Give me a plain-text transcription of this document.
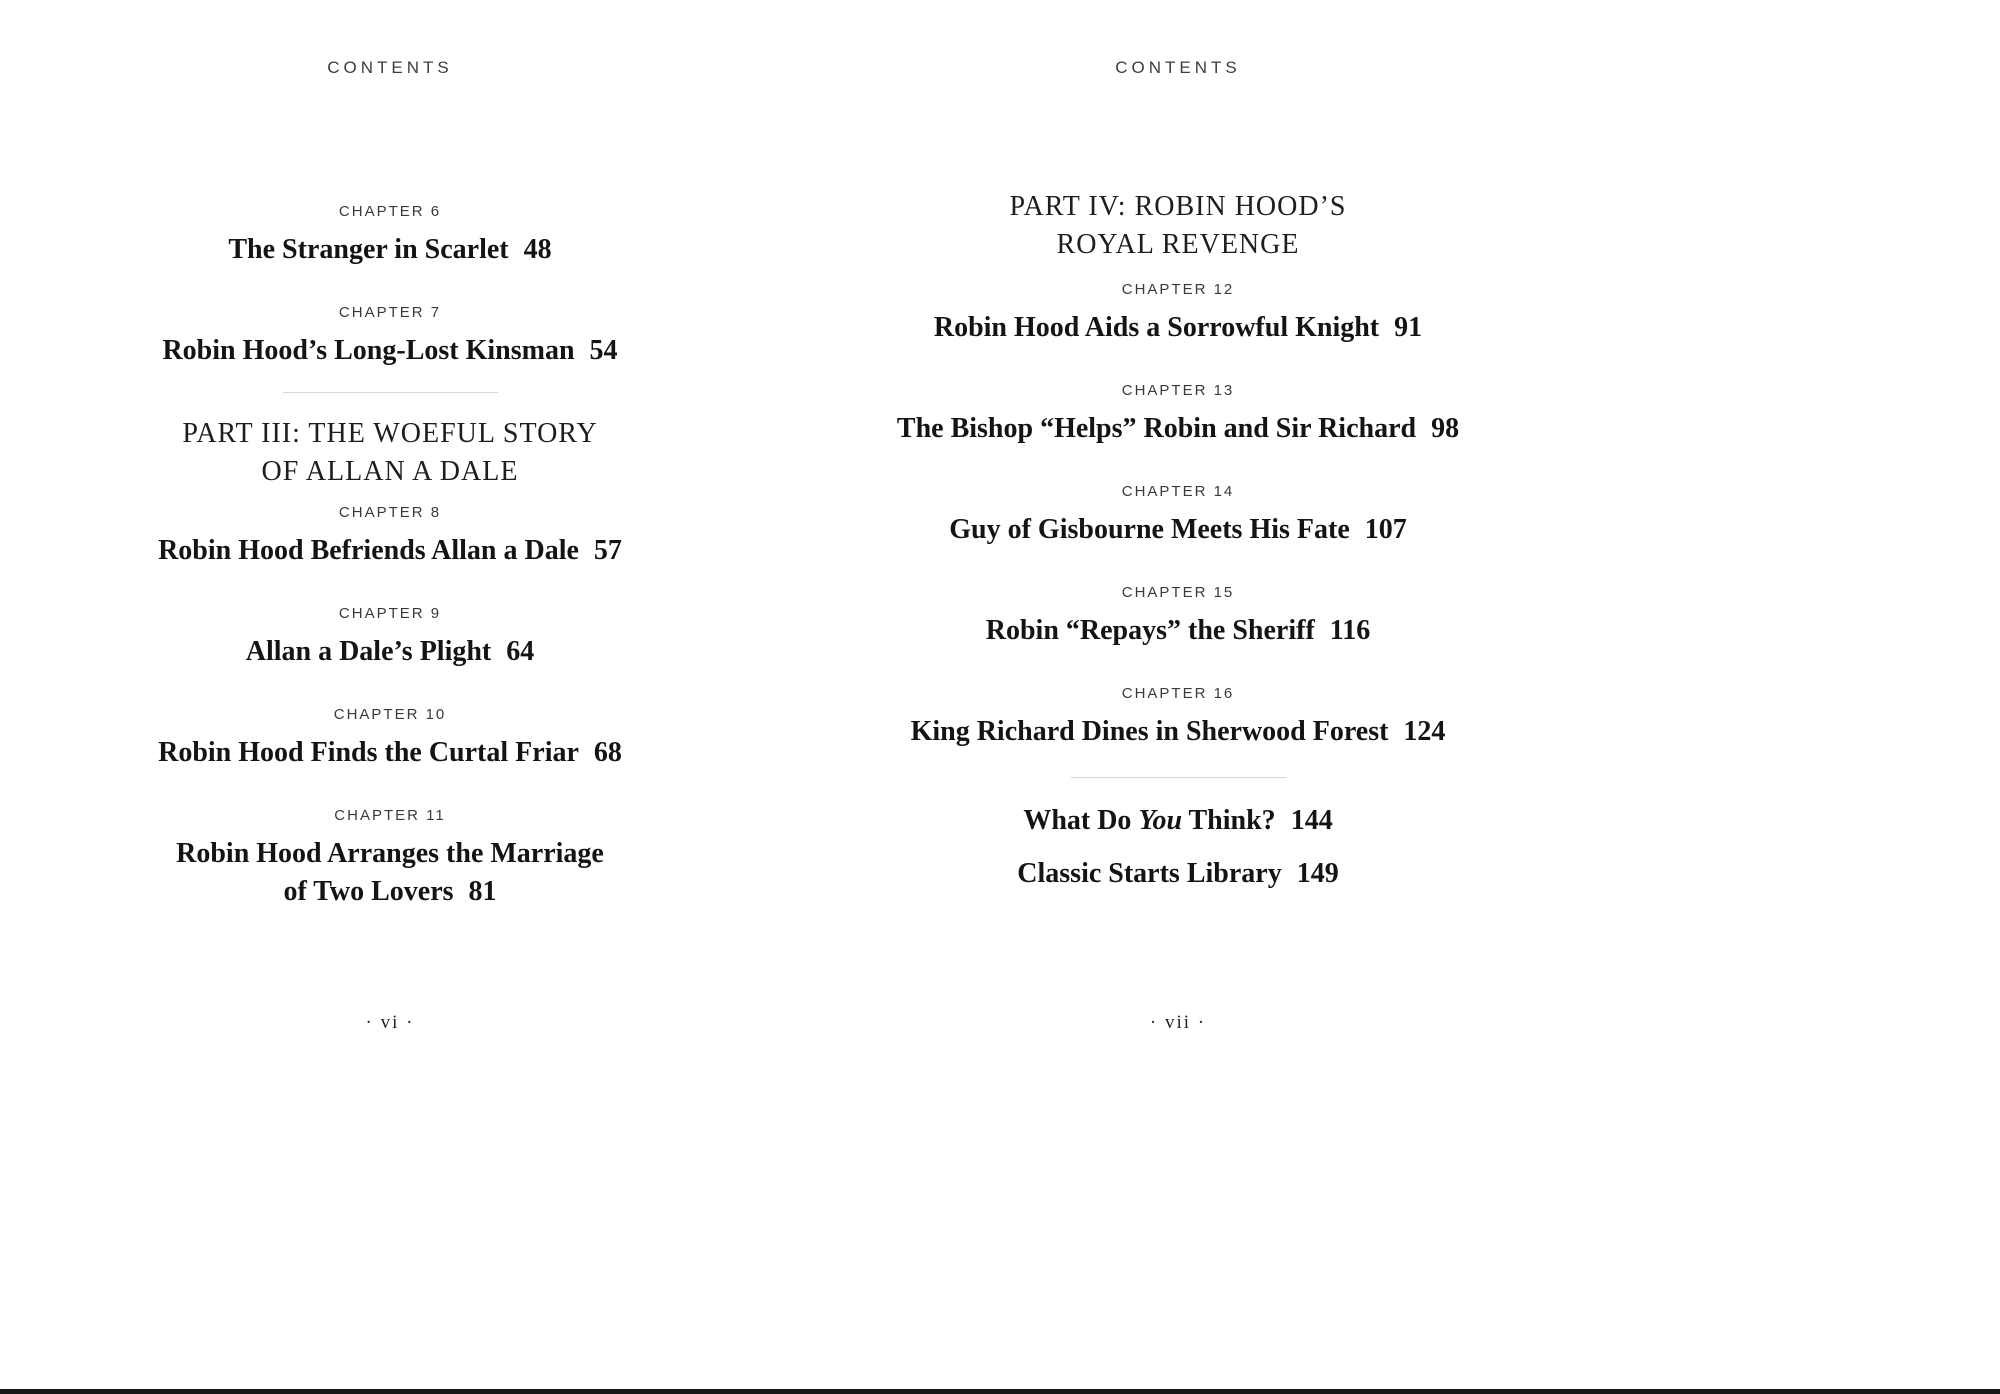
CONTENTS
CHAPTER 6
The Stranger in Scarlet 48
CHAPTER 7
Robin Hood’s Long-Lost Kinsman 54
PART III: THE WOEFUL STORY
OF ALLAN A DALE
CHAPTER 8
Robin Hood Befriends Allan a Dale 57
CHAPTER 9
Allan a Dale’s Plight 64
CHAPTER 10
Robin Hood Finds the Curtal Friar 68
CHAPTER 11
Robin Hood Arranges the Marriage
of Two Lovers 81
· vi ·
CONTENTS
PART IV: ROBIN HOOD’S
ROYAL REVENGE
CHAPTER 12
Robin Hood Aids a Sorrowful Knight 91
CHAPTER 13
The Bishop “Helps” Robin and Sir Richard 98
CHAPTER 14
Guy of Gisbourne Meets His Fate 107
CHAPTER 15
Robin “Repays” the Sheriff 116
CHAPTER 16
King Richard Dines in Sherwood Forest 124
What Do You Think? 144
Classic Starts Library 149
· vii ·
